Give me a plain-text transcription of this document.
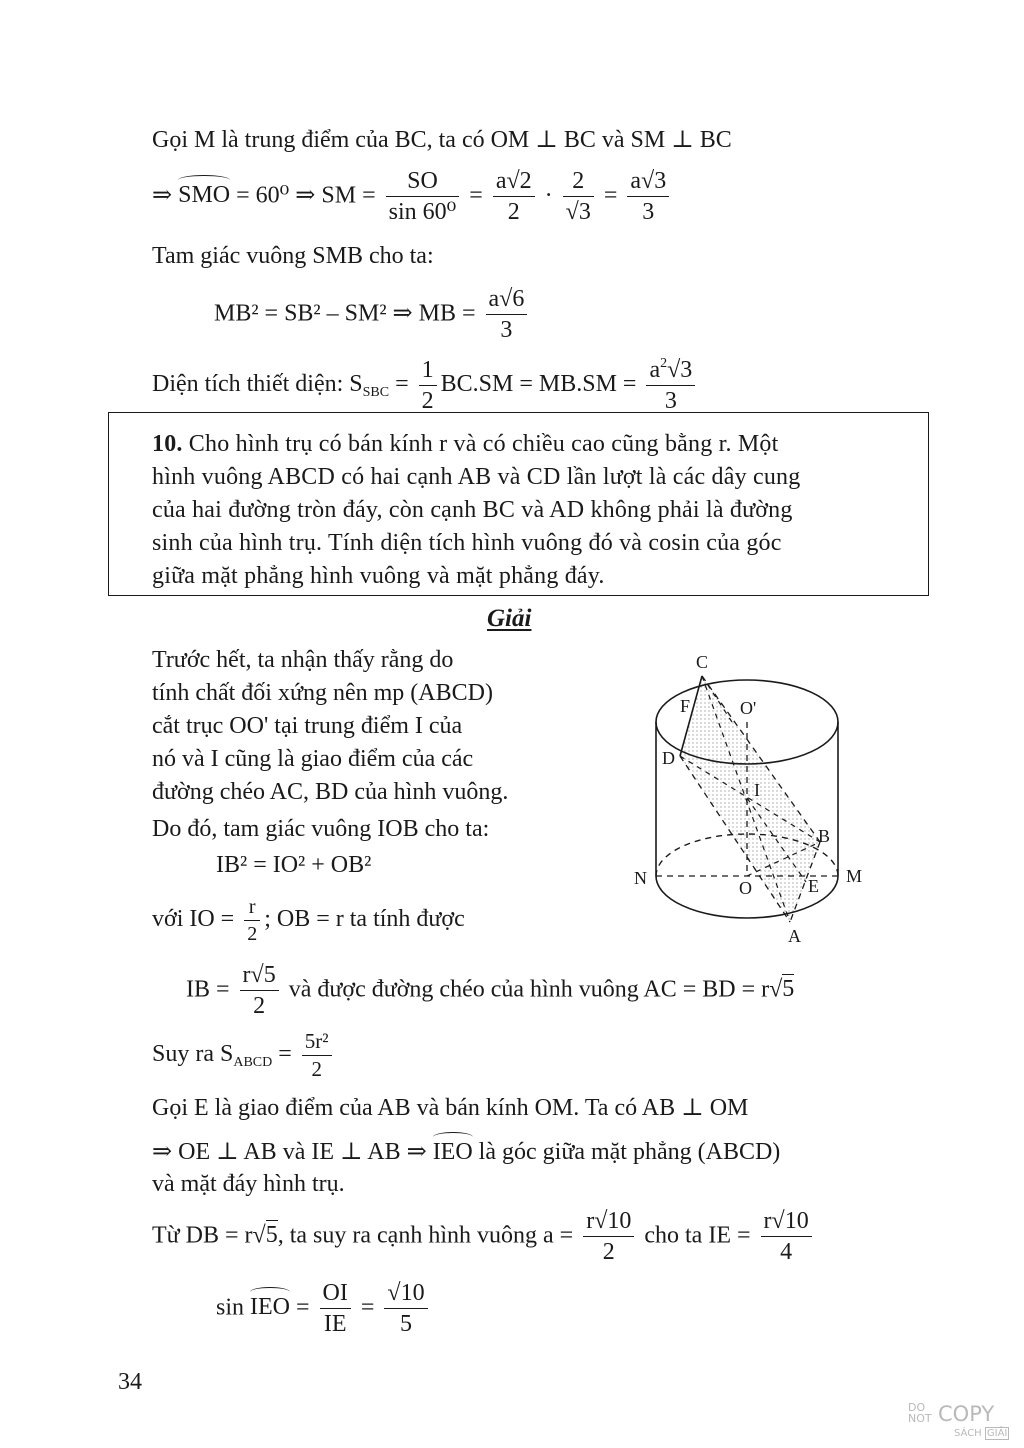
Gọi M là trung điểm của BC, ta có OM ⊥ BC và SM ⊥ BC
⇒ SMO = 60⁰ ⇒ SM = $\frac{SO}{\text{sin 60⁰}} = \frac{a√2}{2} \cdot \frac{2}{√3} = \frac{a√3}{3}$
Tam giác vuông SMB cho ta:
MB² = SB² – SM² ⇒ MB = $\frac{a√6}{3}$
Diện tích thiết diện: $S_{SBC} = \frac{1}{2} BC.SM = MB.SM = \frac{a^2√3}{3}$
10. Cho hình trụ có bán kính r và có chiều cao cũng bằng r. Một
hình vuông ABCD có hai cạnh AB và CD lần lượt là các dây cung
của hai đường tròn đáy, còn cạnh BC và AD không phải là đường
sinh của hình trụ. Tính diện tích hình vuông đó và cosin của góc
giữa mặt phẳng hình vuông và mặt phẳng đáy.
Giải
Trước hết, ta nhận thấy rằng do
tính chất đối xứng nên mp (ABCD)
cắt trục OO' tại trung điểm I của
nó và I cũng là giao điểm của các
đường chéo AC, BD của hình vuông.
Do đó, tam giác vuông IOB cho ta:
IB² = IO² + OB²
với IO = $\frac{r}{2}$ ; OB = r ta tính được
IB = $\frac{r√5}{2}$ và được đường chéo của hình vuông AC = BD = r√5
Suy ra $S_{ABCD} = \frac{\text{5r²}}{2}$
Gọi E là giao điểm của AB và bán kính OM. Ta có AB ⊥ OM
⇒ OE ⊥ AB và IE ⊥ AB ⇒ IEO là góc giữa mặt phẳng (ABCD)
và mặt đáy hình trụ.
Từ DB = r√5, ta suy ra cạnh hình vuông $a = \frac{r√10}{2}$ cho ta IE = $\frac{r√10}{4}$
sin IEO = $\frac{OI}{IE} = \frac{√10}{5}$
C
F	O'
D
I
B
N	O	E M
A
34
DO
NOT COPY
SÁCH GIẢI
